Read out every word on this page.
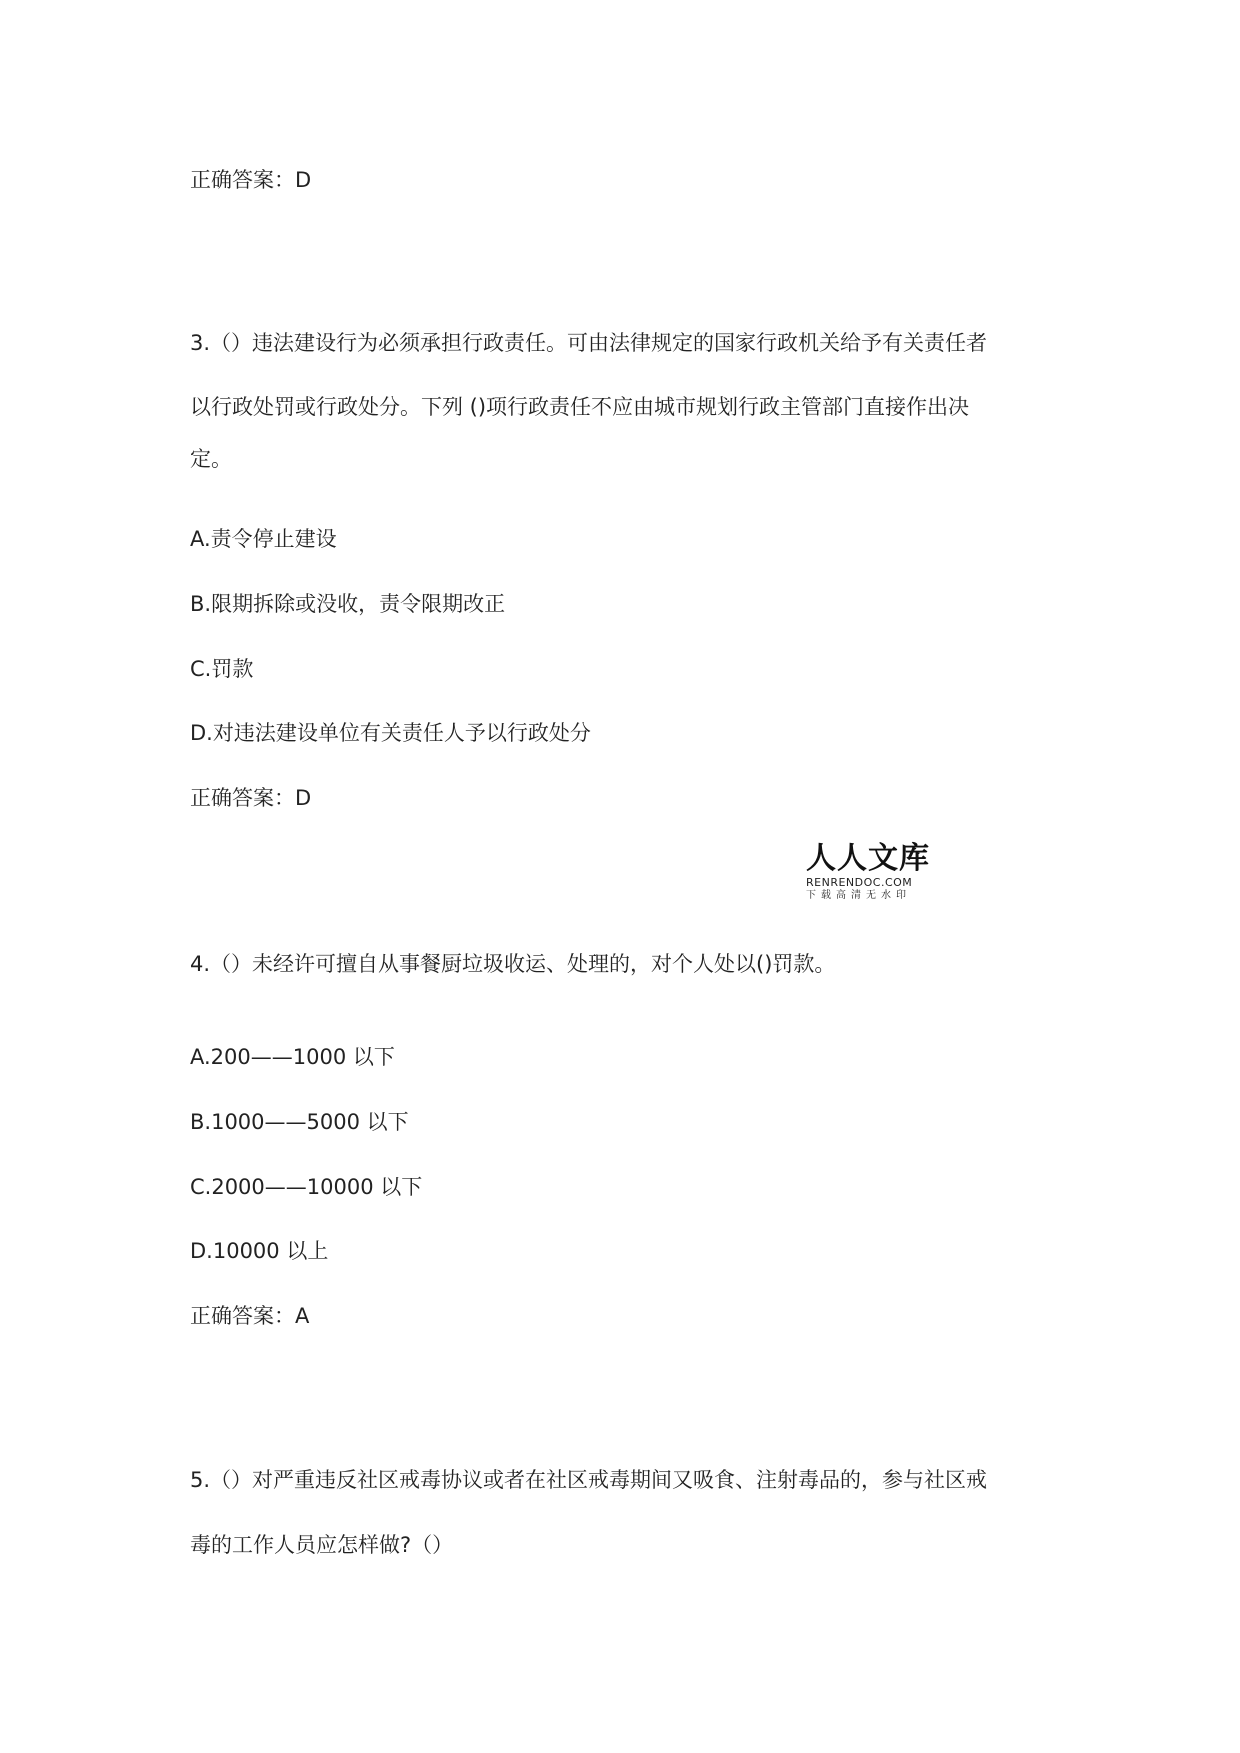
正确答案：D
3.（）违法建设行为必须承担行政责任。可由法律规定的国家行政机关给予有关责任者
以行政处罚或行政处分。下列 ()项行政责任不应由城市规划行政主管部门直接作出决
定。
A.责令停止建设
B.限期拆除或没收，责令限期改正
C.罚款
D.对违法建设单位有关责任人予以行政处分
正确答案：D
人人文库
RENRENDOC.COM
下载高清无水印
4.（）未经许可擅自从事餐厨垃圾收运、处理的，对个人处以()罚款。
A.200——1000 以下
B.1000——5000 以下
C.2000——10000 以下
D.10000 以上
正确答案：A
5.（）对严重违反社区戒毒协议或者在社区戒毒期间又吸食、注射毒品的，参与社区戒
毒的工作人员应怎样做?（）
